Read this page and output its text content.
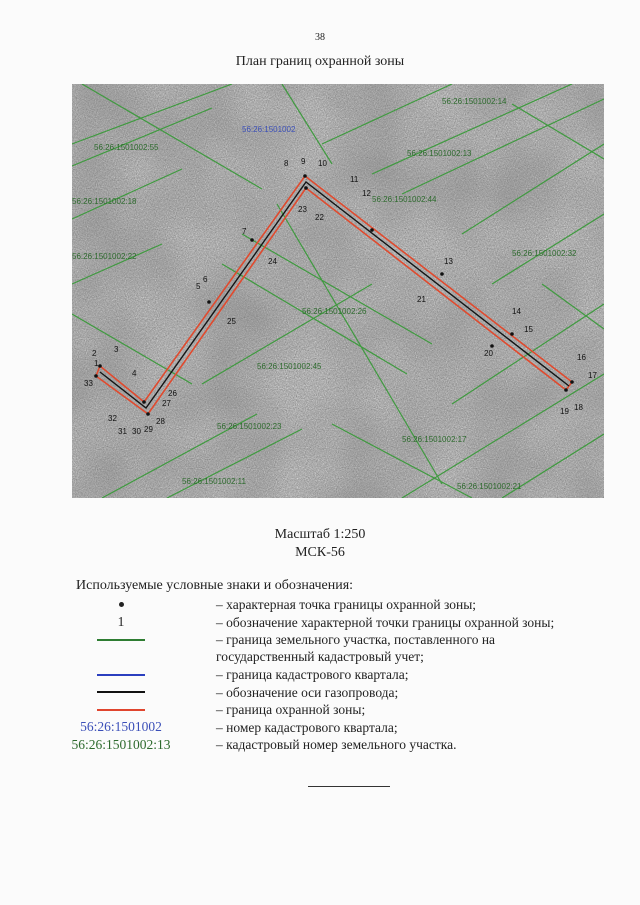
38
План границ охранной зоны
56:26:1501002
56:26:1501002:55
56:26:1501002:18
56:26:1501002:14
56:26:1501002:13
56:26:1501002:44
56:26:1501002:32
56:26:1501002:26
56:26:1501002:45
56:26:1501002:23
56:26:1501002:17
56:26:1501002:11
56:26:1501002:21
56:26:1501002:22
1
2 3
4
5
6
7
8 9 10
11
12
13
14
15
16
17
18
19
20
21
22
23
24
25
26
27
28
29
30
31
32
33
Масштаб 1:250
МСК-56
Используемые условные знаки и обозначения:
– характерная точка границы охранной зоны;
1	– обозначение характерной точки границы охранной зоны;
– граница земельного участка, поставленного на
государственный кадастровый учет;
– граница кадастрового квартала;
– обозначение оси газопровода;
– граница охранной зоны;
56:26:1501002	– номер кадастрового квартала;
56:26:1501002:13	– кадастровый номер земельного участка.
